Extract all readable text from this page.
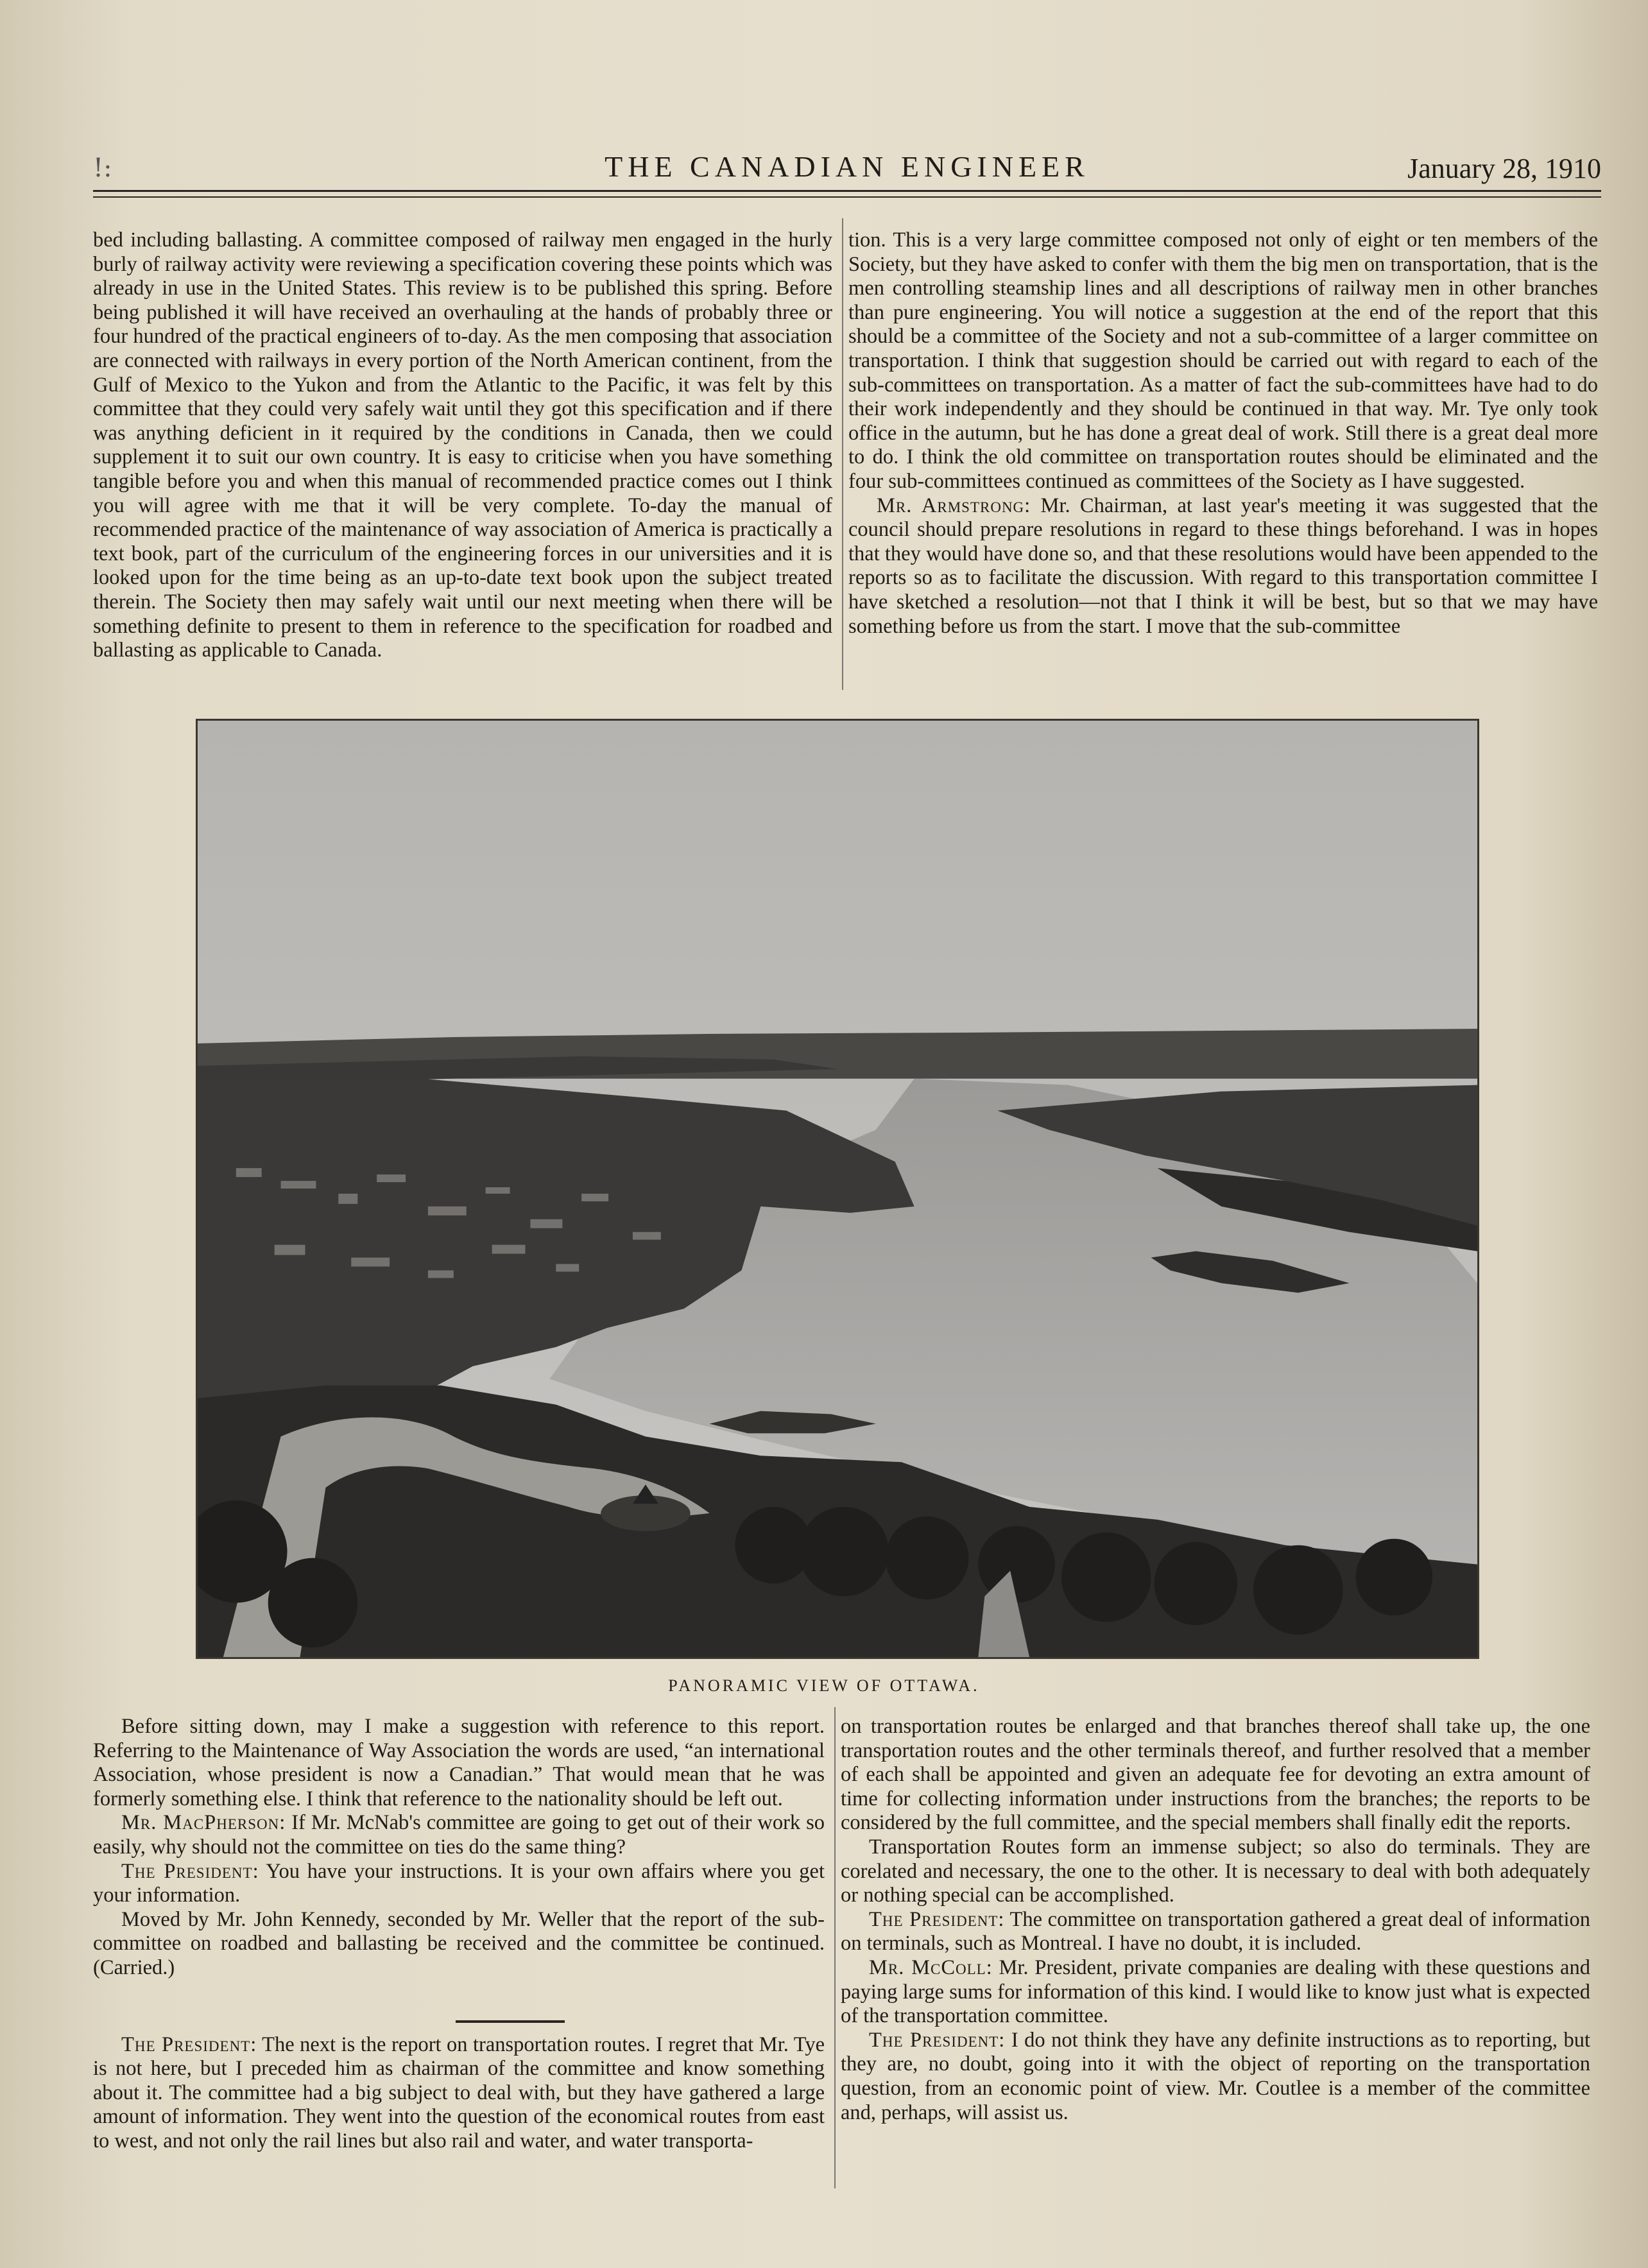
!:	THE CANADIAN ENGINEER	January 28, 1910

bed including ballasting. A committee composed of railway men engaged in the hurly burly of railway activity were reviewing a specification covering these points which was already in use in the United States. This review is to be published this spring. Before being published it will have received an overhauling at the hands of probably three or four hundred of the practical engineers of to-day. As the men composing that association are connected with railways in every portion of the North American continent, from the Gulf of Mexico to the Yukon and from the Atlantic to the Pacific, it was felt by this committee that they could very safely wait until they got this specification and if there was anything deficient in it required by the conditions in Canada, then we could supplement it to suit our own country. It is easy to criticise when you have something tangible before you and when this manual of recommended practice comes out I think you will agree with me that it will be very complete. To-day the manual of recommended practice of the maintenance of way association of America is practically a text book, part of the curriculum of the engineering forces in our universities and it is looked upon for the time being as an up-to-date text book upon the subject treated therein. The Society then may safely wait until our next meeting when there will be something definite to present to them in reference to the specification for roadbed and ballasting as applicable to Canada.

tion. This is a very large committee composed not only of eight or ten members of the Society, but they have asked to confer with them the big men on transportation, that is the men controlling steamship lines and all descriptions of railway men in other branches than pure engineering. You will notice a suggestion at the end of the report that this should be a committee of the Society and not a sub-committee of a larger committee on transportation. I think that suggestion should be carried out with regard to each of the sub-committees on transportation. As a matter of fact the sub-committees have had to do their work independently and they should be continued in that way. Mr. Tye only took office in the autumn, but he has done a great deal of work. Still there is a great deal more to do. I think the old committee on transportation routes should be eliminated and the four sub-committees continued as committees of the Society as I have suggested.

Mr. Armstrong: Mr. Chairman, at last year's meeting it was suggested that the council should prepare resolutions in regard to these things beforehand. I was in hopes that they would have done so, and that these resolutions would have been appended to the reports so as to facilitate the discussion. With regard to this transportation committee I have sketched a resolution—not that I think it will be best, but so that we may have something before us from the start. I move that the sub-committee

PANORAMIC VIEW OF OTTAWA.

Before sitting down, may I make a suggestion with reference to this report. Referring to the Maintenance of Way Association the words are used, “an international Association, whose president is now a Canadian.” That would mean that he was formerly something else. I think that reference to the nationality should be left out.

Mr. MacPherson: If Mr. McNab's committee are going to get out of their work so easily, why should not the committee on ties do the same thing?

The President: You have your instructions. It is your own affairs where you get your information.

Moved by Mr. John Kennedy, seconded by Mr. Weller that the report of the sub-committee on roadbed and ballasting be received and the committee be continued. (Carried.)

The President: The next is the report on transportation routes. I regret that Mr. Tye is not here, but I preceded him as chairman of the committee and know something about it. The committee had a big subject to deal with, but they have gathered a large amount of information. They went into the question of the economical routes from east to west, and not only the rail lines but also rail and water, and water transporta-

on transportation routes be enlarged and that branches thereof shall take up, the one transportation routes and the other terminals thereof, and further resolved that a member of each shall be appointed and given an adequate fee for devoting an extra amount of time for collecting information under instructions from the branches; the reports to be considered by the full committee, and the special members shall finally edit the reports.

Transportation Routes form an immense subject; so also do terminals. They are corelated and necessary, the one to the other. It is necessary to deal with both adequately or nothing special can be accomplished.

The President: The committee on transportation gathered a great deal of information on terminals, such as Montreal. I have no doubt, it is included.

Mr. McColl: Mr. President, private companies are dealing with these questions and paying large sums for information of this kind. I would like to know just what is expected of the transportation committee.

The President: I do not think they have any definite instructions as to reporting, but they are, no doubt, going into it with the object of reporting on the transportation question, from an economic point of view. Mr. Coutlee is a member of the committee and, perhaps, will assist us.
